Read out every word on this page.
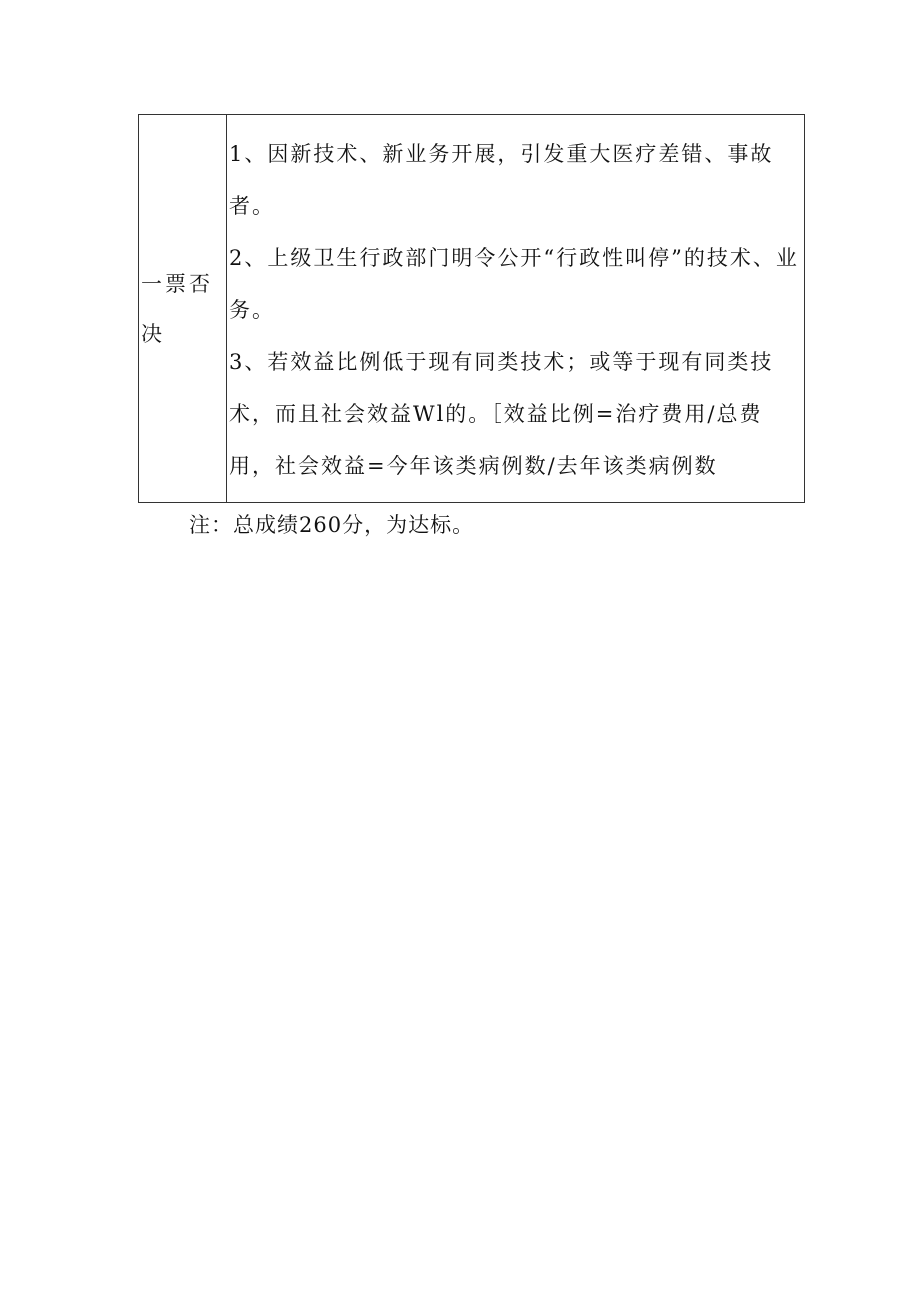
一票否决

1、因新技术、新业务开展，引发重大医疗差错、事故者。

2、上级卫生行政部门明令公开“行政性叫停”的技术、业务。

3、若效益比例低于现有同类技术；或等于现有同类技术，而且社会效益Wl的。［效益比例=治疗费用/总费用，社会效益=今年该类病例数/去年该类病例数

注：总成绩260分，为达标。
